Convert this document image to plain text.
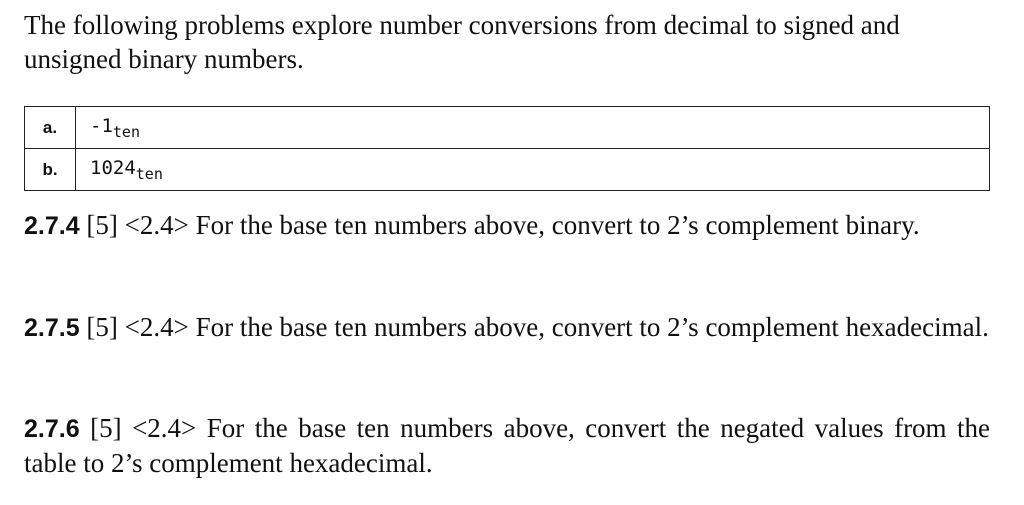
The following problems explore number conversions from decimal to signed and unsigned binary numbers.

a.	$-1_{ten}$
b.	$1024_{ten}$

2.7.4 [5] <2.4> For the base ten numbers above, convert to 2’s complement binary.

2.7.5 [5] <2.4> For the base ten numbers above, convert to 2’s complement hexadecimal.

2.7.6 [5] <2.4> For the base ten numbers above, convert the negated values from the table to 2’s complement hexadecimal.
